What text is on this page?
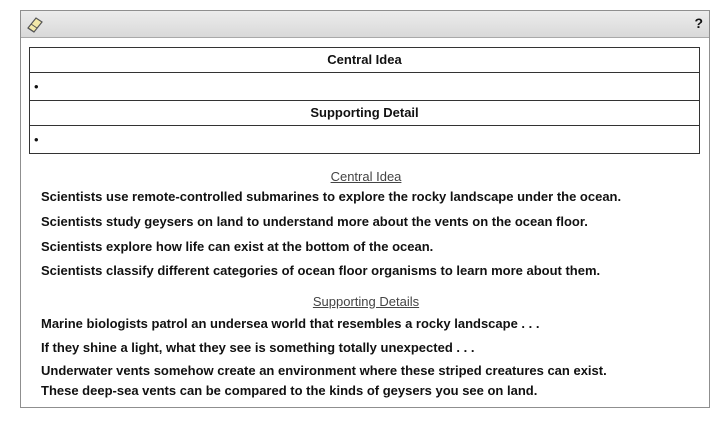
?
Central Idea
•
Supporting Detail
•
Central Idea
Scientists use remote-controlled submarines to explore the rocky landscape under the ocean.
Scientists study geysers on land to understand more about the vents on the ocean floor.
Scientists explore how life can exist at the bottom of the ocean.
Scientists classify different categories of ocean floor organisms to learn more about them.
Supporting Details
Marine biologists patrol an undersea world that resembles a rocky landscape . . .
If they shine a light, what they see is something totally unexpected . . .
Underwater vents somehow create an environment where these striped creatures can exist.
These deep-sea vents can be compared to the kinds of geysers you see on land.
